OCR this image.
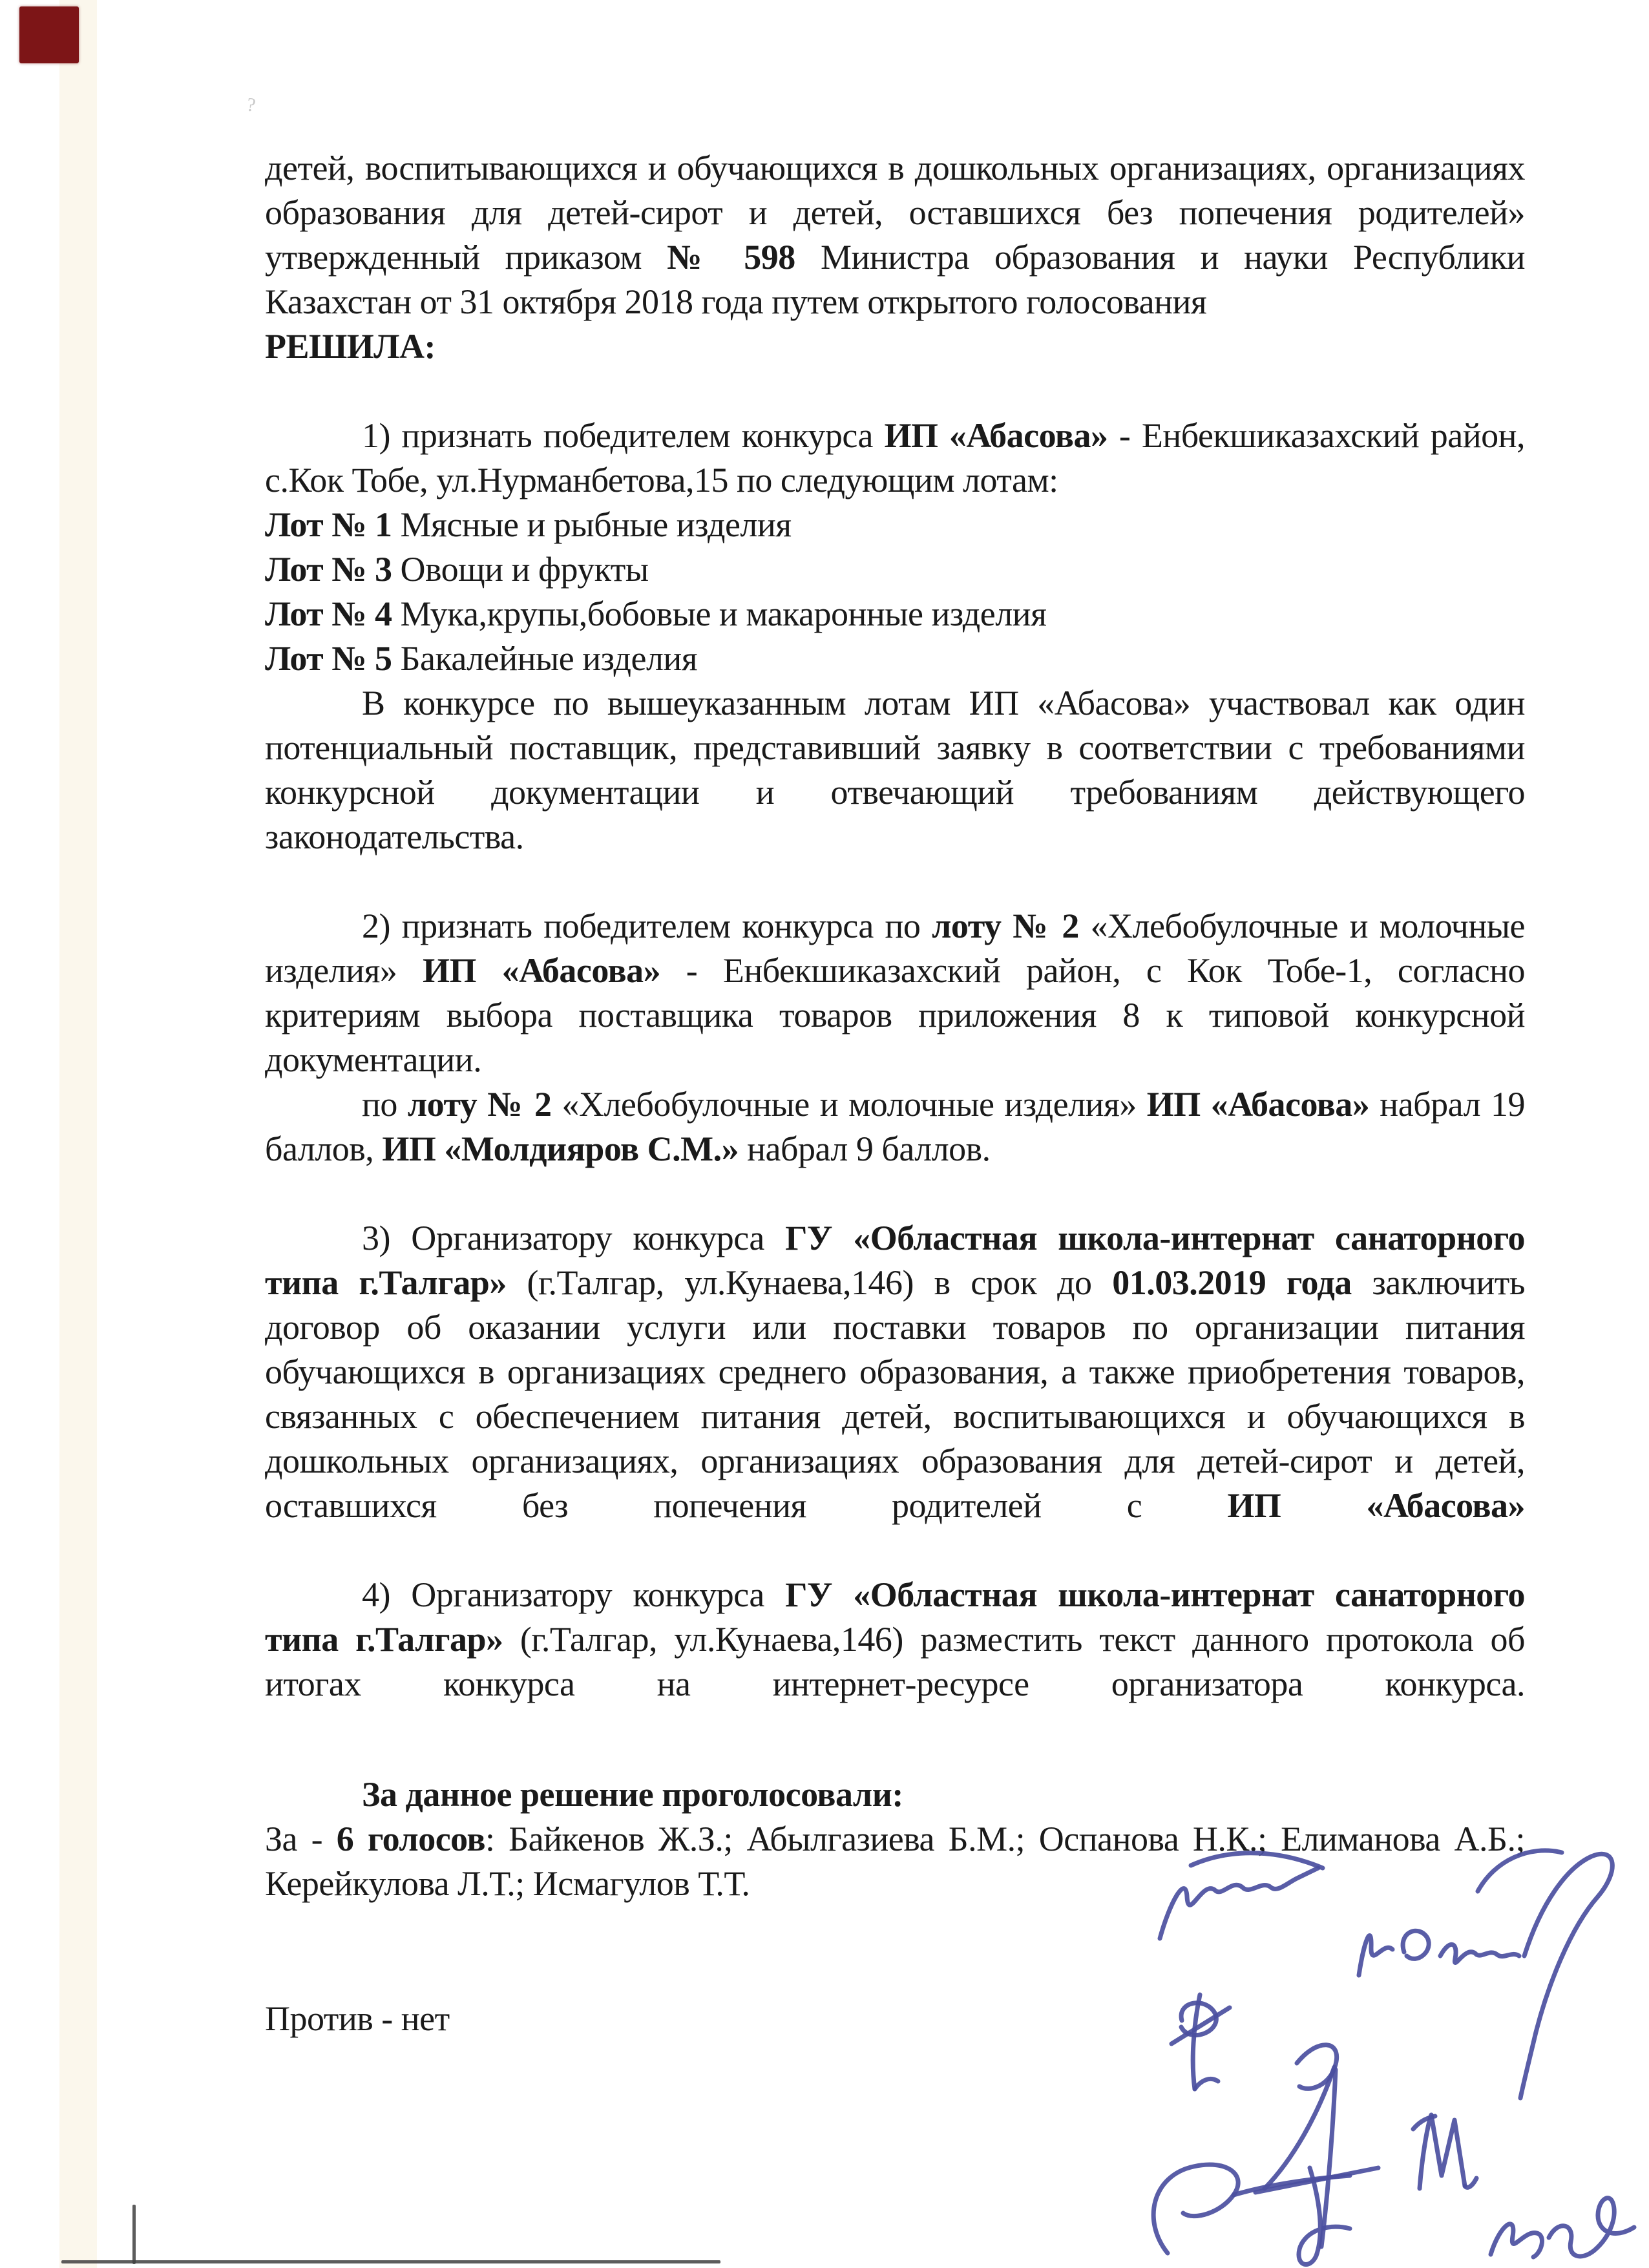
?

детей, воспитывающихся и обучающихся в дошкольных организациях, организациях образования для детей-сирот и детей, оставшихся без попечения родителей» утвержденный приказом № 598 Министра образования и науки Республики Казахстан от 31 октября 2018 года путем открытого голосования

РЕШИЛА:

1) признать победителем конкурса ИП «Абасова» - Енбекшиказахский район, с.Кок Тобе, ул.Нурманбетова,15 по следующим лотам:

Лот № 1 Мясные и рыбные изделия

Лот № 3 Овощи и фрукты

Лот № 4 Мука,крупы,бобовые и макаронные изделия

Лот № 5 Бакалейные изделия

В конкурсе по вышеуказанным лотам ИП «Абасова» участвовал как один потенциальный поставщик, представивший заявку в соответствии с требованиями конкурсной документации и отвечающий требованиям действующего законодательства.

2) признать победителем конкурса по лоту № 2 «Хлебобулочные и молочные изделия» ИП «Абасова» - Енбекшиказахский район, с Кок Тобе-1, согласно критериям выбора поставщика товаров приложения 8 к типовой конкурсной документации.

по лоту № 2 «Хлебобулочные и молочные изделия» ИП «Абасова» набрал 19 баллов, ИП «Молдияров С.М.» набрал 9 баллов.

3) Организатору конкурса ГУ «Областная школа-интернат санаторного типа г.Талгар» (г.Талгар, ул.Кунаева,146) в срок до 01.03.2019 года заключить договор об оказании услуги или поставки товаров по организации питания обучающихся в организациях среднего образования, а также приобретения товаров, связанных с обеспечением питания детей, воспитывающихся и обучающихся в дошкольных организациях, организациях образования для детей-сирот и детей, оставшихся без попечения родителей с ИП «Абасова»

4) Организатору конкурса ГУ «Областная школа-интернат санаторного типа г.Талгар» (г.Талгар, ул.Кунаева,146) разместить текст данного протокола об итогах конкурса на интернет-ресурсе организатора конкурса.

За данное решение проголосовали:

За - 6 голосов: Байкенов Ж.З.; Абылгазиева Б.М.; Оспанова Н.К.; Елиманова А.Б.; Керейкулова Л.Т.; Исмагулов Т.Т.

Против - нет
